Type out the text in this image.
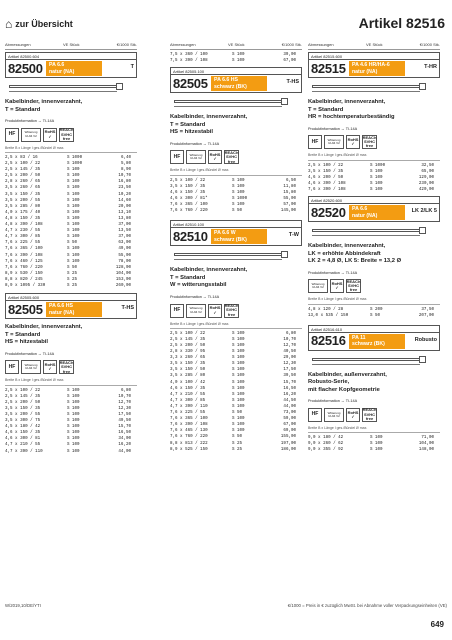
⌂ zur Übersicht	Artikel 82516
Abmessungen	VE Stück	€/1000 Stk.
Artikel 82500.604
82500	PA 6.6
natur (NA)
T
Kabelbinder, innenverzahnt,
T = Standard
Produktinformation → TI-14A
HF	Witterung UL94 V2
RoHS ✓
REACh SVHC free
Breite B x Länge l ges./Bündel Ø max.
2,5 x 83 / 16	S 1000	6,40
2,5 x 100 / 22	S 1000	5,80
2,5 x 145 / 35	S 100	8,90
2,5 x 200 / 50	S 100	10,70
2,8 x 260 / 65	S 100	16,80
3,5 x 260 / 65	S 100	23,50
3,5 x 150 / 35	S 100	10,20
3,5 x 200 / 55	S 100	14,60
3,5 x 285 / 80	S 100	20,00
4,0 x 175 / 40	S 100	13,10
4,8 x 150 / 35	S 100	13,80
4,8 x 390 / 108	S 100	37,00
4,7 x 230 / 55	S 100	13,50
4,7 x 300 / 85	S 100	37,00
7,6 x 225 / 55	S 50	63,00
7,6 x 365 / 100	S 100	49,00
7,6 x 390 / 108	S 100	55,00
7,6 x 460 / 125	S 100	78,00
7,6 x 760 / 220	S 50	128,00
8,9 x 530 / 150	S 25	104,00
8,8 x 820 / 245	S 25	153,00
8,9 x 1095 / 330	S 25	260,00
Artikel 82505.600
82505	PA 6.6 HS
natur (NA)
T-HS
Kabelbinder, innenverzahnt,
T = Standard
HS = hitzestabil
Produktinformation → TI-14A
HF	Witterung UL94 V2
RoHS ✓
REACh SVHC free
Breite B x Länge l ges./Bündel Ø max.
2,5 x 100 / 22	S 100	6,80
2,5 x 145 / 35	S 100	10,70
2,5 x 200 / 50	S 100	12,70
3,5 x 150 / 35	S 100	12,30
3,5 x 200 / 55	S 100	17,50
3,5 x 300 / 75	S 100	49,50
4,5 x 180 / 42	S 100	15,70
4,6 x 150 / 35	S 100	16,50
4,6 x 300 / 81	S 100	34,00
4,7 x 210 / 55	S 100	16,20
4,7 x 390 / 110	S 100	44,00
Abmessungen	VE Stück	€/1000 Stk.
7,5 x 360 / 100	S 100	39,00
7,5 x 390 / 108	S 100	67,00
Artikel 82505.100
82505	PA 6.6 HS
schwarz (BK)
T-HS
Kabelbinder, innenverzahnt,
T = Standard
HS = hitzestabil
Produktinformation → TI-14A
HF	Witterung UL94 V2
RoHS ✓
REACh SVHC free
Breite B x Länge l ges./Bündel Ø max.
2,5 x 100 / 22	S 100	6,50
3,5 x 150 / 35	S 100	11,80
4,6 x 150 / 35	S 100	15,80
4,6 x 300 / 81*	S 1000	55,00
7,6 x 365 / 100	S 100	57,00
7,6 x 760 / 220	S 50	145,00
Artikel 82510.100
82510	PA 6.6 W
schwarz (BK)
T-W
Kabelbinder, innenverzahnt,
T = Standard
W = witterungsstabil
Produktinformation → TI-14A
HF	Witterung UL94 V2
RoHS ✓
REACh SVHC free
Breite B x Länge l ges./Bündel Ø max.
2,5 x 100 / 22	S 100	6,80
2,5 x 145 / 35	S 100	10,70
2,5 x 200 / 50	S 100	12,70
2,8 x 330 / 95	S 100	40,50
3,3 x 260 / 65	S 100	29,00
3,5 x 150 / 35	S 100	12,30
3,5 x 150 / 50	S 100	17,50
3,5 x 285 / 80	S 100	39,50
4,0 x 100 / 42	S 100	15,70
4,6 x 150 / 35	S 100	16,50
4,7 x 210 / 55	S 100	16,20
4,7 x 300 / 85	S 100	44,50
4,7 x 390 / 110	S 100	44,00
7,6 x 225 / 55	S 50	73,00
7,6 x 365 / 100	S 100	59,00
7,6 x 390 / 108	S 100	67,00
7,6 x 465 / 130	S 100	69,00
7,6 x 760 / 220	S 50	155,00
8,8 x 813 / 222	S 25	197,00
8,9 x 525 / 150	S 25	186,00
Abmessungen	VE Stück	€/1000 Stk.
Artikel 82515.600
82515	PA 4.6 HR/HA-6
natur (NA)
T-HR
Kabelbinder, innenverzahnt,
T = Standard
HR = hochtemperaturbeständig
Produktinformation → TI-14A
HF	Witterung UL94 V2
RoHS ✓
REACh SVHC free
Breite B x Länge l ges./Bündel Ø max.
2,5 x 100 / 22	S 1000	32,50
3,5 x 150 / 35	S 100	65,00
4,6 x 200 / 50	S 100	129,00
4,6 x 390 / 108	S 100	230,00
7,6 x 390 / 108	S 100	420,00
Artikel 82520.600
82520	PA 6.6
natur (NA)
LK 2/LK 5
Kabelbinder, innenverzahnt,
LK = erhöhte Abbindekraft
LK 2 = 4,8 Ø, LK 5: Breite = 13,2 Ø
Produktinformation → TI-14A
Witterung UL94 V2
RoHS ✓
REACh SVHC free
Breite B x Länge l ges./Bündel Ø max.
4,8 x 120 / 28	S 200	37,50
13,0 x 535 / 150	S 50	207,00
Artikel 82516.610
82516	PA 11
schwarz (BK)
Robusto
Kabelbinder, außenverzahnt,
Robusto-Serie,
mit flacher Kopfgeometrie
Produktinformation → TI-14A
HF	Witterung UL94 V2
RoHS ✓
REACh SVHC free
Breite B x Länge l ges./Bündel Ø max.
9,0 x 180 / 42	S 100	71,00
9,0 x 260 / 62	S 100	104,00
9,0 x 355 / 92	S 100	148,00
W/2019,10/DE/YTI	€/1000 = Preis in € zuzüglich MwSt. bei Abnahme voller Verpackungseinheiten (VE)
649
